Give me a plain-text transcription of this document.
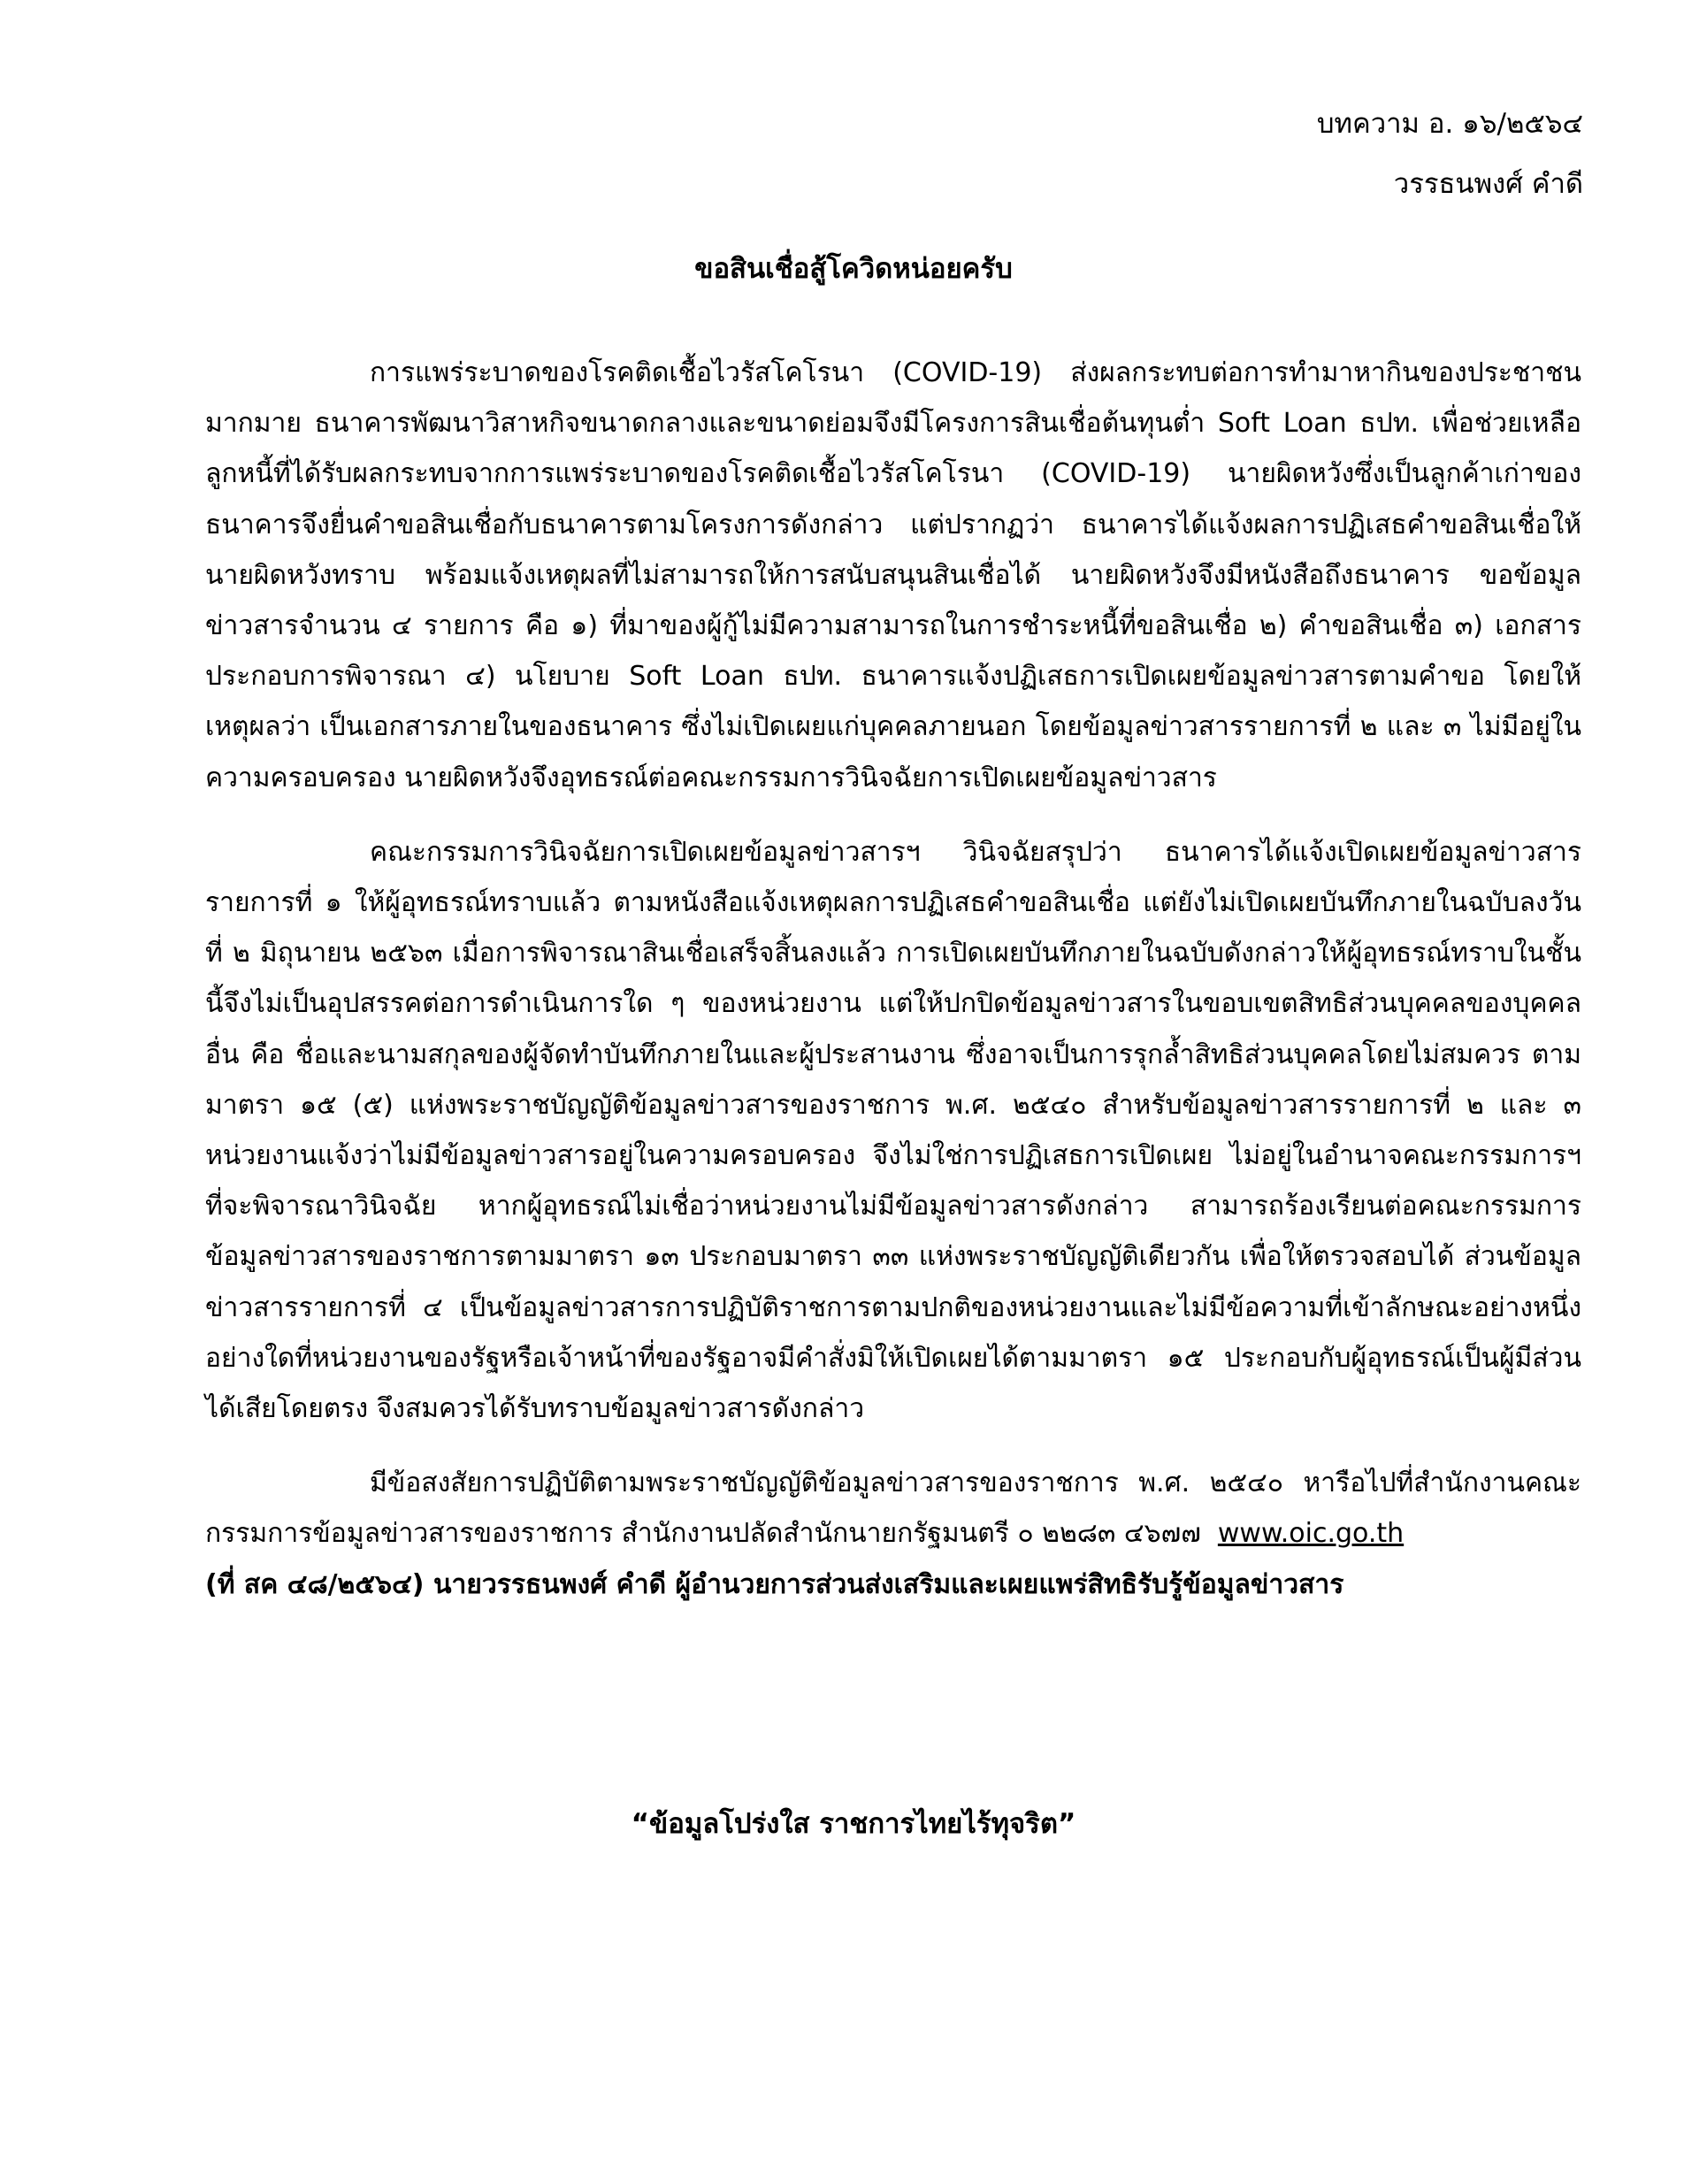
บทความ อ. ๑๖/๒๕๖๔
วรรธนพงศ์ คำดี
ขอสินเชื่อสู้โควิดหน่อยครับ

การแพร่ระบาดของโรคติดเชื้อไวรัสโคโรนา (COVID-19) ส่งผลกระทบต่อการทำมาหากินของประชาชนมากมาย ธนาคารพัฒนาวิสาหกิจขนาดกลางและขนาดย่อมจึงมีโครงการสินเชื่อต้นทุนต่ำ Soft Loan ธปท. เพื่อช่วยเหลือลูกหนี้ที่ได้รับผลกระทบจากการแพร่ระบาดของโรคติดเชื้อไวรัสโคโรนา (COVID-19) นายผิดหวังซึ่งเป็นลูกค้าเก่าของธนาคารจึงยื่นคำขอสินเชื่อกับธนาคารตามโครงการดังกล่าว แต่ปรากฏว่า ธนาคารได้แจ้งผลการปฏิเสธคำขอสินเชื่อให้นายผิดหวังทราบ พร้อมแจ้งเหตุผลที่ไม่สามารถให้การสนับสนุนสินเชื่อได้ นายผิดหวังจึงมีหนังสือถึงธนาคาร ขอข้อมูลข่าวสารจำนวน ๔ รายการ คือ ๑) ที่มาของผู้กู้ไม่มีความสามารถในการชำระหนี้ที่ขอสินเชื่อ ๒) คำขอสินเชื่อ ๓) เอกสารประกอบการพิจารณา ๔) นโยบาย Soft Loan ธปท. ธนาคารแจ้งปฏิเสธการเปิดเผยข้อมูลข่าวสารตามคำขอ โดยให้เหตุผลว่า เป็นเอกสารภายในของธนาคาร ซึ่งไม่เปิดเผยแก่บุคคลภายนอก โดยข้อมูลข่าวสารรายการที่ ๒ และ ๓ ไม่มีอยู่ในความครอบครอง นายผิดหวังจึงอุทธรณ์ต่อคณะกรรมการวินิจฉัยการเปิดเผยข้อมูลข่าวสาร

คณะกรรมการวินิจฉัยการเปิดเผยข้อมูลข่าวสารฯ วินิจฉัยสรุปว่า ธนาคารได้แจ้งเปิดเผยข้อมูลข่าวสารรายการที่ ๑ ให้ผู้อุทธรณ์ทราบแล้ว ตามหนังสือแจ้งเหตุผลการปฏิเสธคำขอสินเชื่อ แต่ยังไม่เปิดเผยบันทึกภายในฉบับลงวันที่ ๒ มิถุนายน ๒๕๖๓ เมื่อการพิจารณาสินเชื่อเสร็จสิ้นลงแล้ว การเปิดเผยบันทึกภายในฉบับดังกล่าวให้ผู้อุทธรณ์ทราบในชั้นนี้จึงไม่เป็นอุปสรรคต่อการดำเนินการใด ๆ ของหน่วยงาน แต่ให้ปกปิดข้อมูลข่าวสารในขอบเขตสิทธิส่วนบุคคลของบุคคลอื่น คือ ชื่อและนามสกุลของผู้จัดทำบันทึกภายในและผู้ประสานงาน ซึ่งอาจเป็นการรุกล้ำสิทธิส่วนบุคคลโดยไม่สมควร ตามมาตรา ๑๕ (๕) แห่งพระราชบัญญัติข้อมูลข่าวสารของราชการ พ.ศ. ๒๕๔๐ สำหรับข้อมูลข่าวสารรายการที่ ๒ และ ๓ หน่วยงานแจ้งว่าไม่มีข้อมูลข่าวสารอยู่ในความครอบครอง จึงไม่ใช่การปฏิเสธการเปิดเผย ไม่อยู่ในอำนาจคณะกรรมการฯ ที่จะพิจารณาวินิจฉัย หากผู้อุทธรณ์ไม่เชื่อว่าหน่วยงานไม่มีข้อมูลข่าวสารดังกล่าว สามารถร้องเรียนต่อคณะกรรมการข้อมูลข่าวสารของราชการตามมาตรา ๑๓ ประกอบมาตรา ๓๓ แห่งพระราชบัญญัติเดียวกัน เพื่อให้ตรวจสอบได้ ส่วนข้อมูลข่าวสารรายการที่ ๔ เป็นข้อมูลข่าวสารการปฏิบัติราชการตามปกติของหน่วยงานและไม่มีข้อความที่เข้าลักษณะอย่างหนึ่งอย่างใดที่หน่วยงานของรัฐหรือเจ้าหน้าที่ของรัฐอาจมีคำสั่งมิให้เปิดเผยได้ตามมาตรา ๑๕ ประกอบกับผู้อุทธรณ์เป็นผู้มีส่วนได้เสียโดยตรง จึงสมควรได้รับทราบข้อมูลข่าวสารดังกล่าว

มีข้อสงสัยการปฏิบัติตามพระราชบัญญัติข้อมูลข่าวสารของราชการ พ.ศ. ๒๕๔๐ หารือไปที่สำนักงานคณะกรรมการข้อมูลข่าวสารของราชการ สำนักงานปลัดสำนักนายกรัฐมนตรี ๐ ๒๒๘๓ ๔๖๗๗ www.oic.go.th

(ที่ สค ๔๘/๒๕๖๔) นายวรรธนพงศ์ คำดี ผู้อำนวยการส่วนส่งเสริมและเผยแพร่สิทธิรับรู้ข้อมูลข่าวสาร

“ข้อมูลโปร่งใส ราชการไทยไร้ทุจริต”
